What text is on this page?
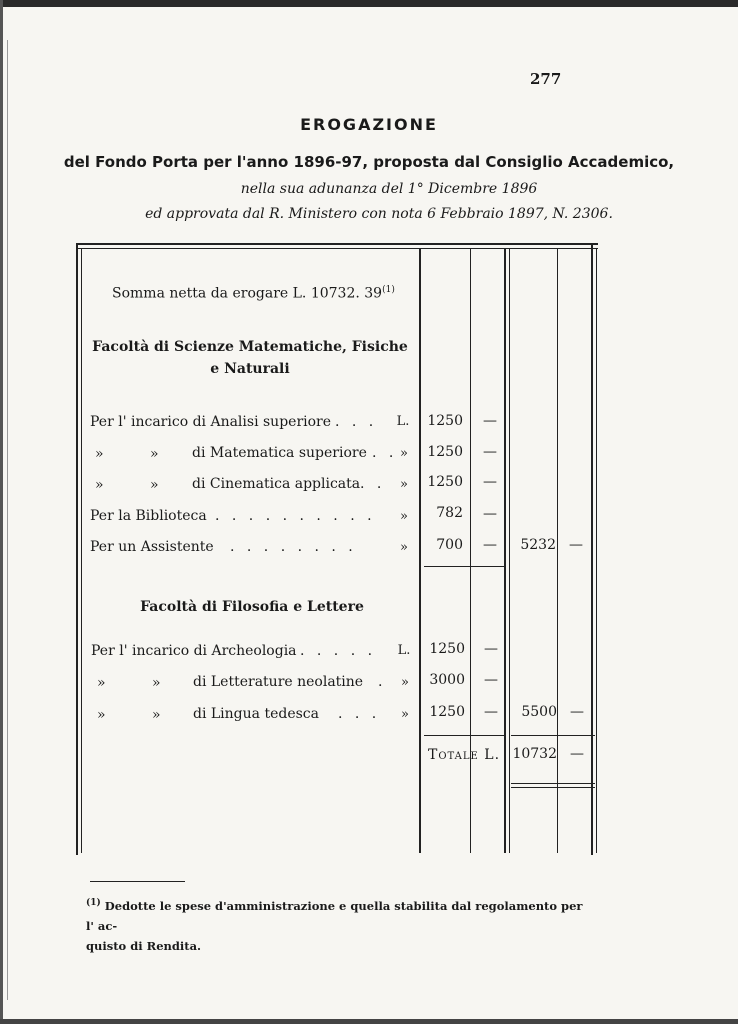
277
EROGAZIONE
del Fondo Porta per l'anno 1896-97, proposta dal Consiglio Accademico,
nella sua adunanza del 1° Dicembre 1896
ed approvata dal R. Ministero con nota 6 Febbraio 1897, N. 2306.
Somma netta da erogare L. 10732. 39$^{(1)}$
Facoltà di Scienze Matematiche, Fisiche
e Naturali
Per l' incarico di Analisi superiore . . . L.	1250	—
»	» di Matematica superiore . . »	1250	—
»	» di Cinematica applicata . . »	1250	—
Per la Biblioteca . . . . . . . . . . »	782	—
Per un Assistente . . . . . . . .	»	700	—	5232 —
Facoltà di Filosofia e Lettere
Per l' incarico di Archeologia . . . . . L.	1250	—
»	» di Letterature neolatine . »	3000	—
»	» di Lingua tedesca . . . »	1250	—	5500 —
Totale L. 10732 —
$^{(1)}$ Dedotte le spese d'amministrazione e quella stabilita dal regolamento per l' ac-
quisto di Rendita.
